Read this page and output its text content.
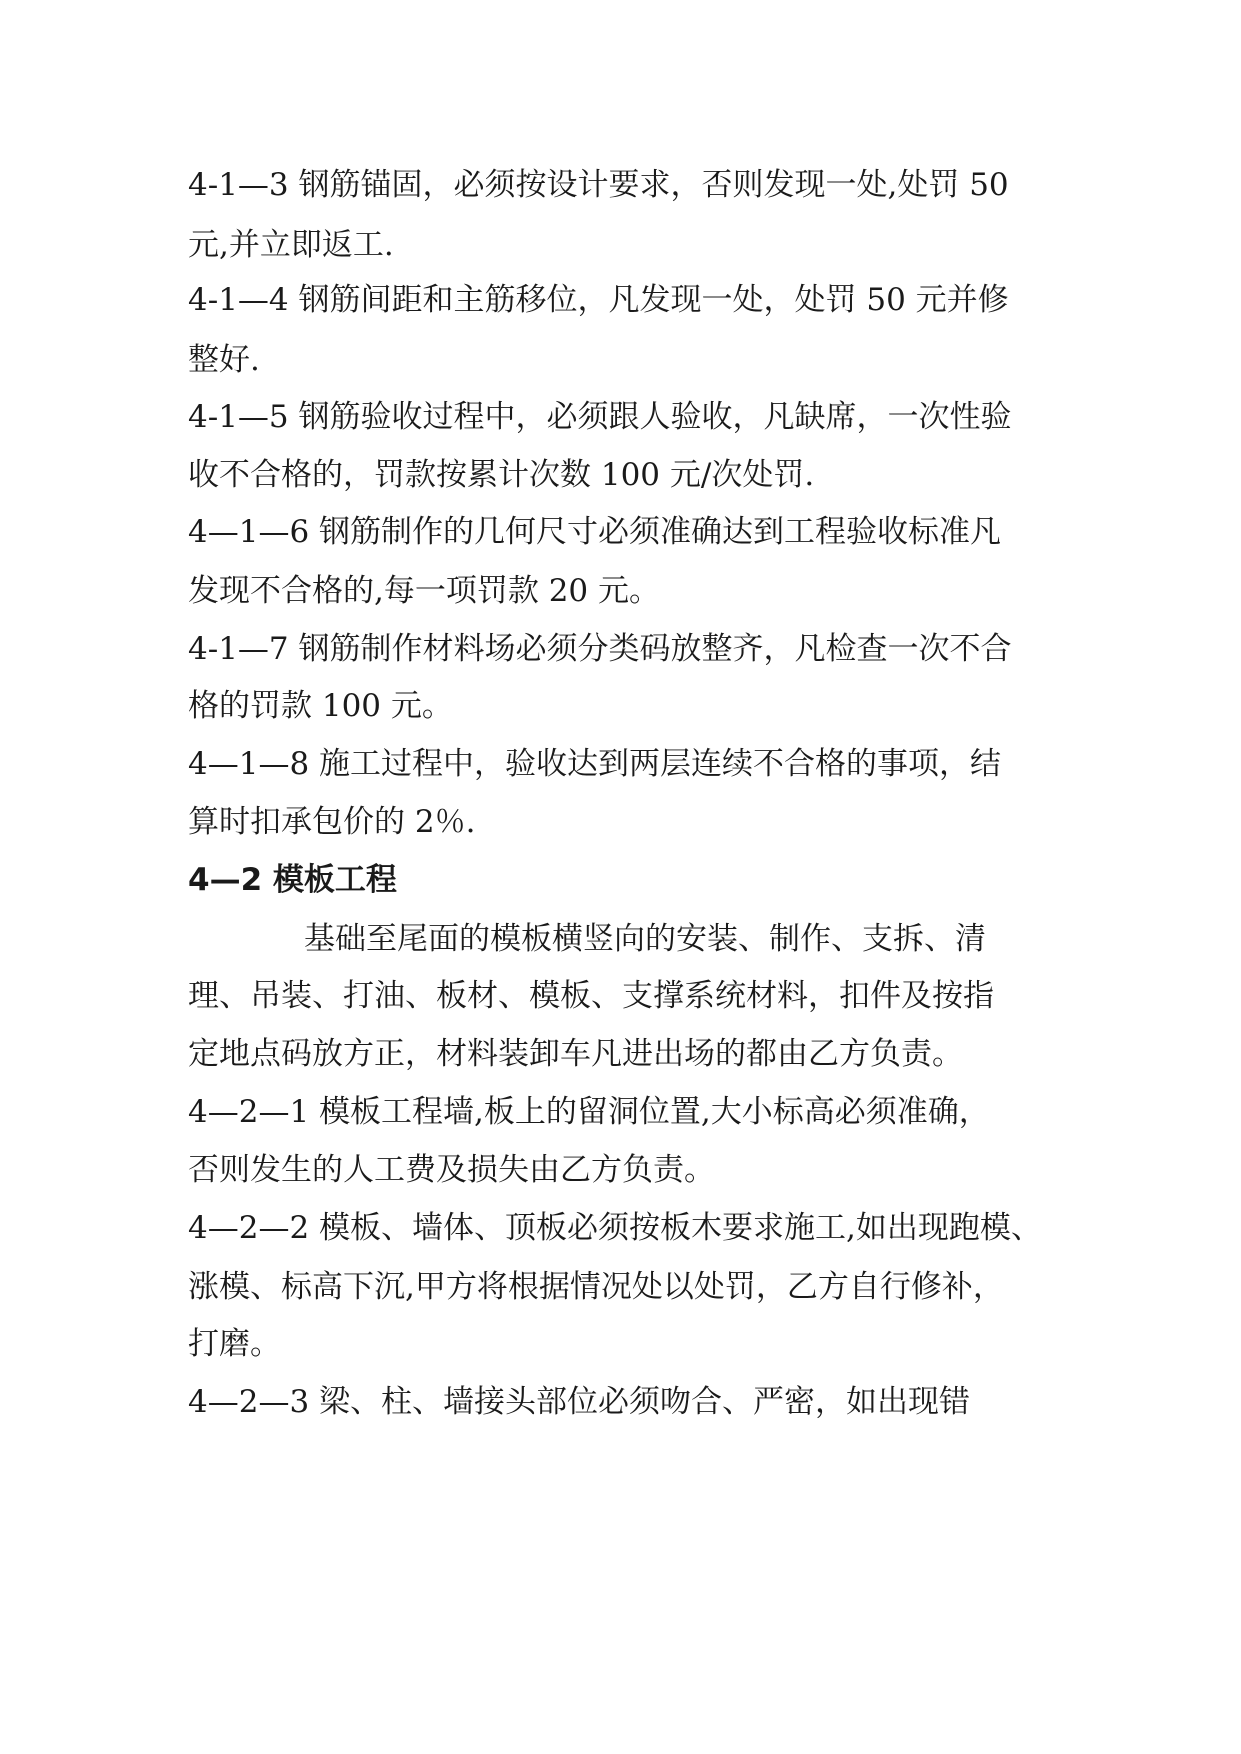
4-1—3 钢筋锚固，必须按设计要求，否则发现一处,处罚 50
元,并立即返工.
4-1—4 钢筋间距和主筋移位，凡发现一处，处罚 50 元并修
整好.
4-1—5 钢筋验收过程中，必须跟人验收，凡缺席，一次性验
收不合格的，罚款按累计次数 100 元/次处罚.
4—1—6 钢筋制作的几何尺寸必须准确达到工程验收标准凡
发现不合格的,每一项罚款 20 元。
4-1—7 钢筋制作材料场必须分类码放整齐，凡检查一次不合
格的罚款 100 元。
4—1—8 施工过程中，验收达到两层连续不合格的事项，结
算时扣承包价的 2％.
4—2 模板工程
基础至尾面的模板横竖向的安装、制作、支拆、清
理、吊装、打油、板材、模板、支撑系统材料，扣件及按指
定地点码放方正，材料装卸车凡进出场的都由乙方负责。
4—2—1 模板工程墙,板上的留洞位置,大小标高必须准确，
否则发生的人工费及损失由乙方负责。
4—2—2 模板、墙体、顶板必须按板木要求施工,如出现跑模、
涨模、标高下沉,甲方将根据情况处以处罚，乙方自行修补，
打磨。
4—2—3 梁、柱、墙接头部位必须吻合、严密，如出现错
